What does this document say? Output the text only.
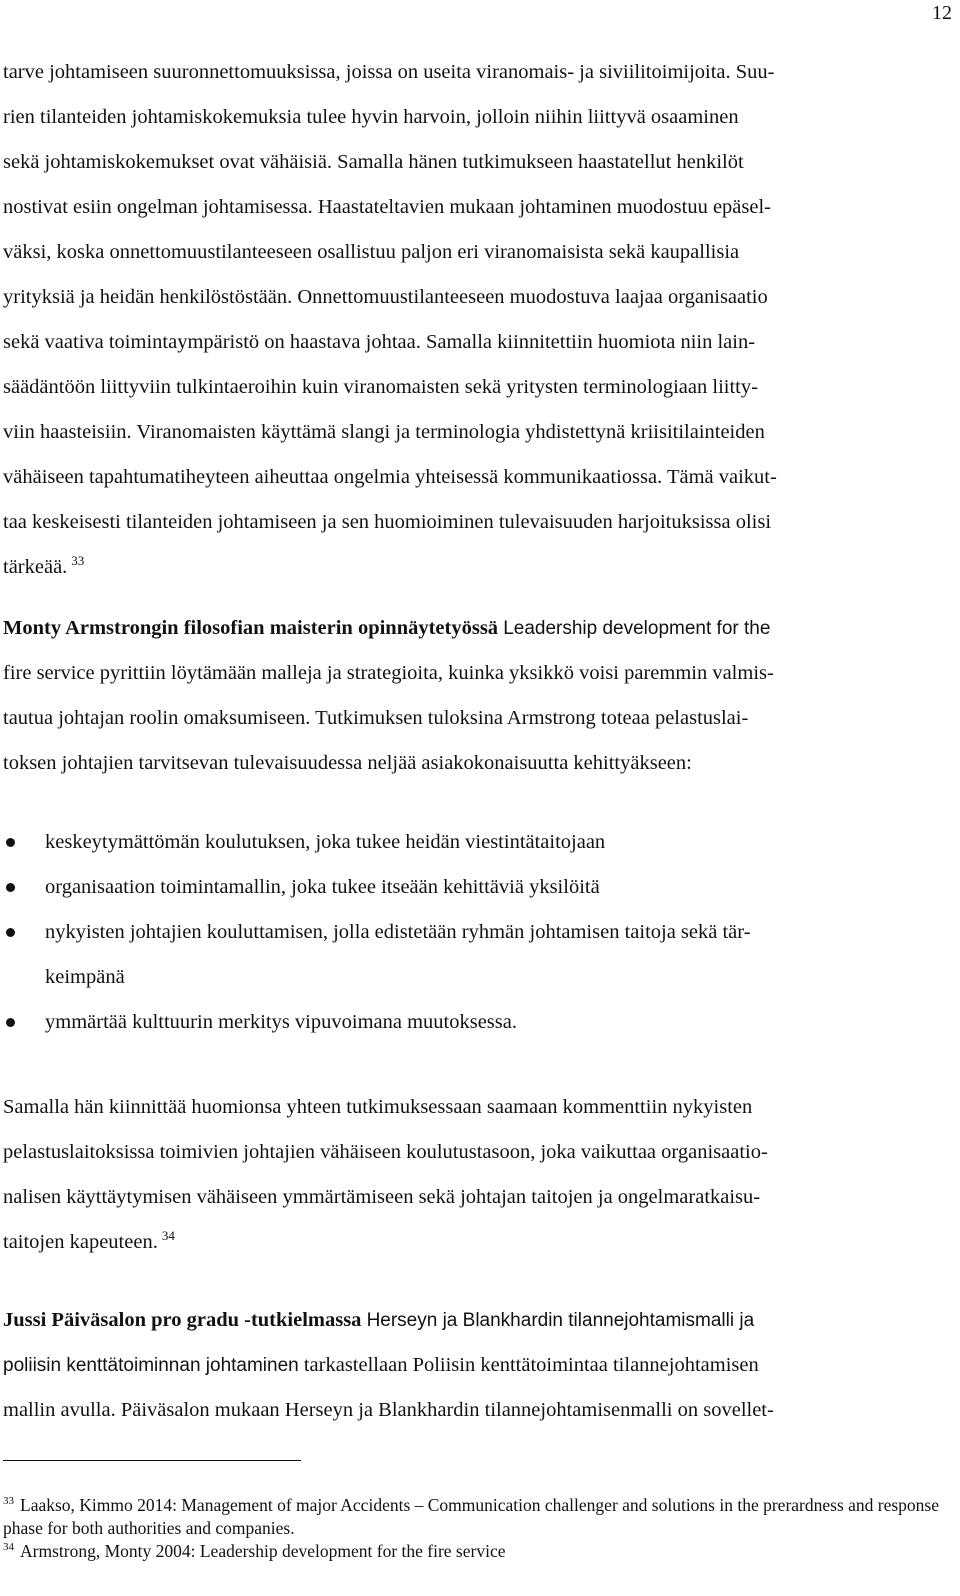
12

tarve johtamiseen suuronnettomuuksissa, joissa on useita viranomais- ja siviilitoimijoita. Suu-

rien tilanteiden johtamiskokemuksia tulee hyvin harvoin, jolloin niihin liittyvä osaaminen

sekä johtamiskokemukset ovat vähäisiä. Samalla hänen tutkimukseen haastatellut henkilöt

nostivat esiin ongelman johtamisessa. Haastateltavien mukaan johtaminen muodostuu epäsel-

väksi, koska onnettomuustilanteeseen osallistuu paljon eri viranomaisista sekä kaupallisia

yrityksiä ja heidän henkilöstöstään. Onnettomuustilanteeseen muodostuva laajaa organisaatio

sekä vaativa toimintaympäristö on haastava johtaa. Samalla kiinnitettiin huomiota niin lain-

säädäntöön liittyviin tulkintaeroihin kuin viranomaisten sekä yritysten terminologiaan liitty-

viin haasteisiin. Viranomaisten käyttämä slangi ja terminologia yhdistettynä kriisitilainteiden

vähäiseen tapahtumatiheyteen aiheuttaa ongelmia yhteisessä kommunikaatiossa. Tämä vaikut-

taa keskeisesti tilanteiden johtamiseen ja sen huomioiminen tulevaisuuden harjoituksissa olisi

tärkeää. $^{33}$

Monty Armstrongin filosofian maisterin opinnäytetyössä Leadership development for the

fire service pyrittiin löytämään malleja ja strategioita, kuinka yksikkö voisi paremmin valmis-

tautua johtajan roolin omaksumiseen. Tutkimuksen tuloksina Armstrong toteaa pelastuslai-

toksen johtajien tarvitsevan tulevaisuudessa neljää asiakokonaisuutta kehittyäkseen:

keskeytymättömän koulutuksen, joka tukee heidän viestintätaitojaan
organisaation toimintamallin, joka tukee itseään kehittäviä yksilöitä
nykyisten johtajien kouluttamisen, jolla edistetään ryhmän johtamisen taitoja sekä tär-keimpänä
ymmärtää kulttuurin merkitys vipuvoimana muutoksessa.

Samalla hän kiinnittää huomionsa yhteen tutkimuksessaan saamaan kommenttiin nykyisten

pelastuslaitoksissa toimivien johtajien vähäiseen koulutustasoon, joka vaikuttaa organisaatio-

nalisen käyttäytymisen vähäiseen ymmärtämiseen sekä johtajan taitojen ja ongelmaratkaisu-

taitojen kapeuteen. $^{34}$

Jussi Päiväsalon pro gradu -tutkielmassa Herseyn ja Blankhardin tilannejohtamismalli ja

poliisin kenttätoiminnan johtaminen tarkastellaan Poliisin kenttätoimintaa tilannejohtamisen

mallin avulla. Päiväsalon mukaan Herseyn ja Blankhardin tilannejohtamisenmalli on sovellet-

$^{33}$ Laakso, Kimmo 2014: Management of major Accidents – Communication challenger and solutions in the prerardness and response phase for both authorities and companies.
$^{34}$ Armstrong, Monty 2004: Leadership development for the fire service
